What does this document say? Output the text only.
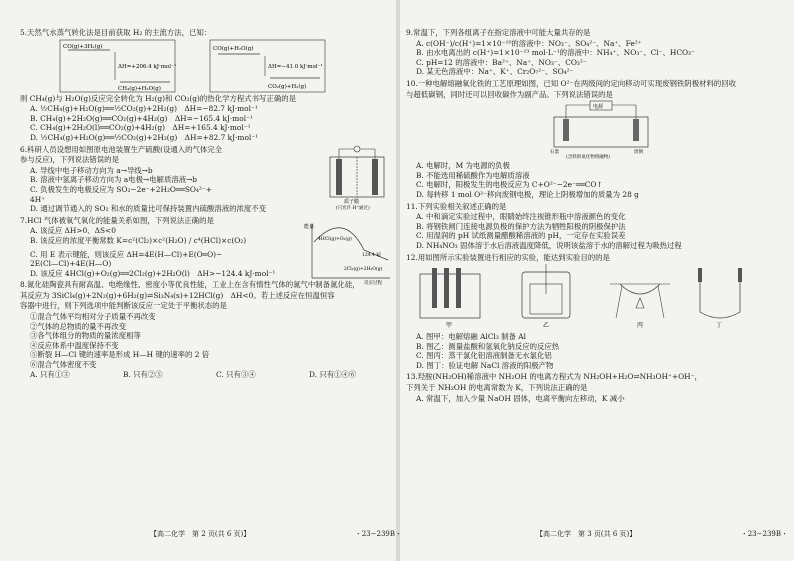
5.天然气水蒸气转化法是目前获取 H₂ 的主流方法，已知：
CO(g)+3H₂(g)
ΔH=+206.4 kJ·mol⁻¹
CH₄(g)+H₂O(g)
CO(g)+H₂O(g)
ΔH=−41.0 kJ·mol⁻¹
CO₂(g)+H₂(g)
则 CH₄(g)与 H₂O(g)反应完全转化为 H₂(g)和 CO₂(g)的热化学方程式书写正确的是
A. ½CH₄(g)+H₂O(g)══½CO₂(g)+2H₂(g)　ΔH=−82.7 kJ·mol⁻¹
B. CH₄(g)+2H₂O(g)══CO₂(g)+4H₂(g)　ΔH=−165.4 kJ·mol⁻¹
C. CH₄(g)+2H₂O(l)══CO₂(g)+4H₂(g)　ΔH=+165.4 kJ·mol⁻¹
D. ½CH₄(g)+H₂O(g)══½CO₂(g)+2H₂(g)　ΔH=+82.7 kJ·mol⁻¹
6.科研人员设想用如图原电池装置生产硫酸(设通入的气体完全
参与反应)，下列说法错误的是
A. 导线中电子移动方向为 a→导线→b
B. 溶液中氢离子移动方向为 a电极→电解质溶液→b
C. 负极发生的电极反应为 SO₂−2e⁻+2H₂O══SO₄²⁻+
4H⁺
D. 通过调节通入的 SO₂ 和水的质量比可保持装置内硫酸溶液的浓度不变
质子膜
(只允许 H⁺通过)
7.HCl 气体被氧气氧化的能量关系如图，下列说法正确的是
A. 该反应 ΔH>0、ΔS<0
B. 该反应的浓度平衡常数 K=c²(Cl₂)×c²(H₂O) / c⁴(HCl)×c(O₂)
C. 用 E 表示键能，则该反应 ΔH=4E(H—Cl)+E(O═O)−
2E(Cl—Cl)+4E(H—O)
D. 该反应 4HCl(g)+O₂(g)══2Cl₂(g)+2H₂O(l)　ΔH>−124.4 kJ·mol⁻¹
能量
4HCl(g)+O₂(g)
124.4 kJ
2Cl₂(g)+2H₂O(g)
反应过程
8.氮化硅陶瓷具有耐高温、电绝缘性、密度小等优良性能，工业上在含有惰性气体的氮气中制备氮化硅，
其反应为 3SiCl₄(g)+2N₂(g)+6H₂(g)⇌Si₃N₄(s)+12HCl(g)　ΔH<0。若上述反应在恒温恒容
容器中进行，则下列选项中能判断该反应一定处于平衡状态的是
①混合气体平均相对分子质量不再改变
②气体的总物质的量不再改变
③各气体组分的物质的量浓度相等
④反应体系中温度保持不变
⑤断裂 H—Cl 键的速率是形成 H—H 键的速率的 2 倍
⑥混合气体密度不变
A. 只有①③	B. 只有②⑤	C. 只有③④	D. 只有①④⑥
【高二化学　第 2 页(共 6 页)】	・23−239B・
9.常温下，下列各组离子在指定溶液中可能大量共存的是
A. c(OH⁻)/c(H⁺)=1×10⁻¹⁰的溶液中：NO₃⁻、SO₄²⁻、Na⁺、Fe²⁺
B. 由水电离出的 c(H⁺)=1×10⁻¹³ mol·L⁻¹的溶液中：NH₄⁺、NO₃⁻、Cl⁻、HCO₃⁻
C. pH=12 的溶液中：Ba²⁺、Na⁺、NO₃⁻、CO₃²⁻
D. 某无色溶液中：Na⁺、K⁺、Cr₂O₇²⁻、SO₄²⁻
10.一种电解熔融氧化铁的工艺原理如图，已知 O²⁻在两级间的定向移动可实现废钢铁阴极材料的回收
与超低碳钢，同时还可以回收碳作为副产品。下列说法错误的是
电源
石墨	废钢
(含铁的氧化物熔融物)
A. 电解时，M 为电源的负极
B. 不能选用稀硫酸作为电解质溶液
C. 电解时，阳极发生的电极反应为 C+O²⁻−2e⁻══CO↑
D. 每转移 1 mol O²⁻移向废钢电极，理论上阴极增加的质量为 28 g
11.下列实验相关叙述正确的是
A. 中和滴定实验过程中，眼睛始终注视锥形瓶中溶液颜色的变化
B. 将钢铁闸门连接电源负极的保护方法为牺牲阳极的阴极保护法
C. 用湿润的 pH 试纸测量醋酸稀溶液的 pH，一定存在实验误差
D. NH₄NO₃ 固体溶于水后溶液温度降低，说明该盐溶于水的溶解过程为吸热过程
12.用如图所示实验装置进行相应的实验，能达到实验目的的是
甲	乙	丙	丁
A. 图甲：电解熔融 AlCl₃ 制备 Al
B. 图乙：测量盐酸和氢氧化钠反应的反应热
C. 图丙：蒸干氯化铝溶液制备无水氯化铝
D. 图丁：验证电解 NaCl 溶液的阳极产物
13.羟胺(NH₂OH)稀溶液中 NH₂OH 的电离方程式为 NH₂OH+H₂O⇌NH₃OH⁺+OH⁻，
下列关于 NH₂OH 的电离常数为 K，下列说法正确的是
A. 常温下，加入少量 NaOH 固体，电离平衡向左移动，K 减小
【高二化学　第 3 页(共 6 页)】	・23−239B・
